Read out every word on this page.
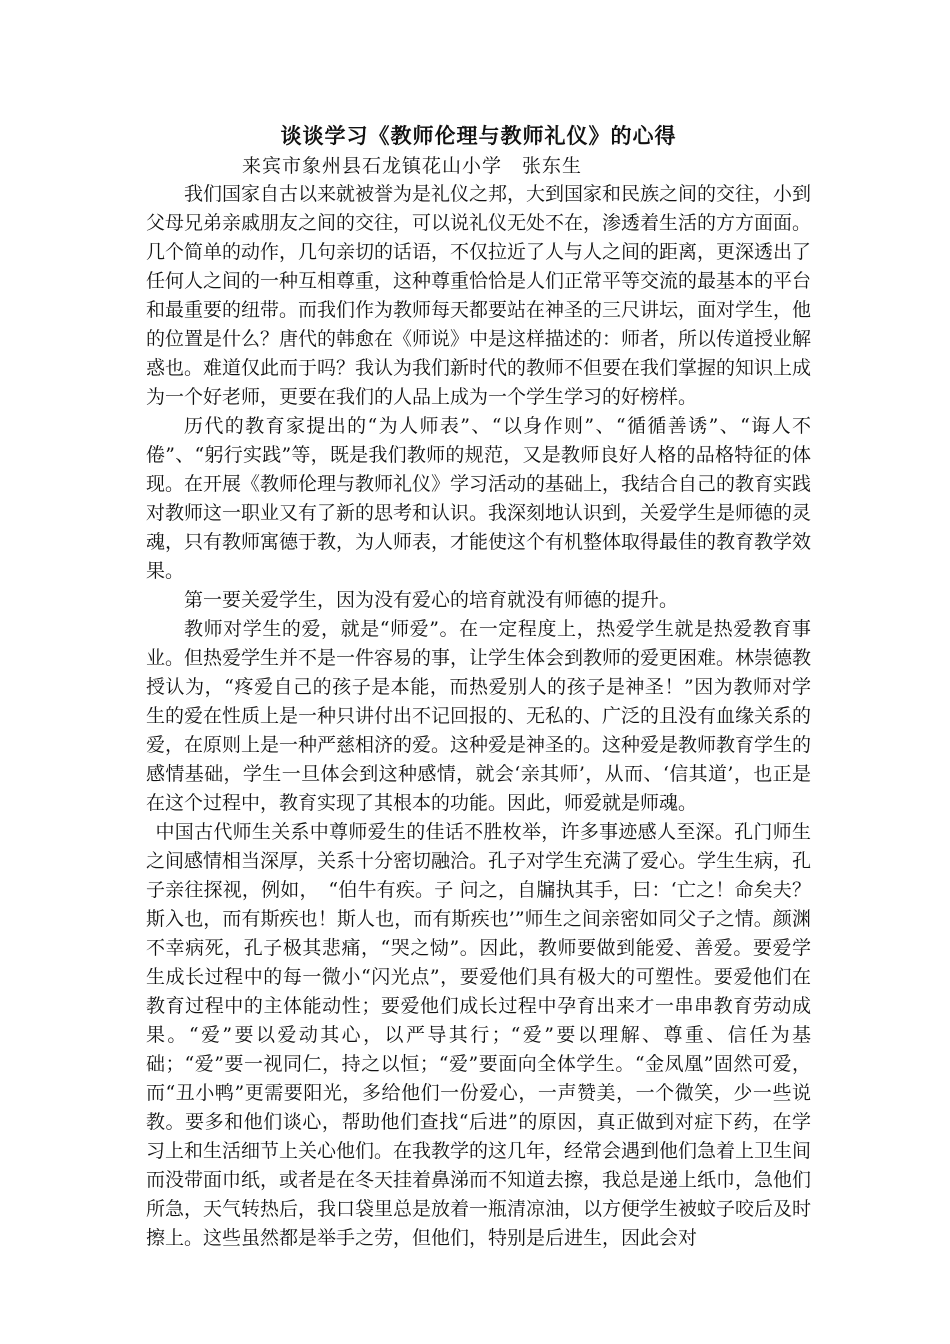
谈谈学习《教师伦理与教师礼仪》的心得

来宾市象州县石龙镇花山小学　张东生

我们国家自古以来就被誉为是礼仪之邦，大到国家和民族之间的交往，小到父母兄弟亲戚朋友之间的交往，可以说礼仪无处不在，渗透着生活的方方面面。几个简单的动作，几句亲切的话语，不仅拉近了人与人之间的距离，更深透出了任何人之间的一种互相尊重，这种尊重恰恰是人们正常平等交流的最基本的平台和最重要的纽带。而我们作为教师每天都要站在神圣的三尺讲坛，面对学生，他的位置是什么？唐代的韩愈在《师说》中是这样描述的：师者，所以传道授业解惑也。难道仅此而于吗？我认为我们新时代的教师不但要在我们掌握的知识上成为一个好老师，更要在我们的人品上成为一个学生学习的好榜样。

历代的教育家提出的“为人师表”、“以身作则”、“循循善诱”、“诲人不倦”、“躬行实践”等，既是我们教师的规范，又是教师良好人格的品格特征的体现。在开展《教师伦理与教师礼仪》学习活动的基础上，我结合自己的教育实践对教师这一职业又有了新的思考和认识。我深刻地认识到，关爱学生是师德的灵魂，只有教师寓德于教，为人师表，才能使这个有机整体取得最佳的教育教学效果。

第一要关爱学生，因为没有爱心的培育就没有师德的提升。

教师对学生的爱，就是“师爱”。在一定程度上，热爱学生就是热爱教育事业。但热爱学生并不是一件容易的事，让学生体会到教师的爱更困难。林崇德教授认为，“疼爱自己的孩子是本能，而热爱别人的孩子是神圣！”因为教师对学生的爱在性质上是一种只讲付出不记回报的、无私的、广泛的且没有血缘关系的爱，在原则上是一种严慈相济的爱。这种爱是神圣的。这种爱是教师教育学生的感情基础，学生一旦体会到这种感情，就会‘亲其师’，从而、‘信其道’，也正是在这个过程中，教育实现了其根本的功能。因此，师爱就是师魂。

中国古代师生关系中尊师爱生的佳话不胜枚举，许多事迹感人至深。孔门师生之间感情相当深厚，关系十分密切融洽。孔子对学生充满了爱心。学生生病，孔子亲往探视，例如，　“伯牛有疾。子 问之，自牖执其手，曰：‘亡之！命矣夫？斯入也，而有斯疾也！斯人也，而有斯疾也’”师生之间亲密如同父子之情。颜渊不幸病死，孔子极其悲痛，“哭之恸”。因此，教师要做到能爱、善爱。要爱学生成长过程中的每一微小“闪光点”，要爱他们具有极大的可塑性。要爱他们在教育过程中的主体能动性；要爱他们成长过程中孕育出来才一串串教育劳动成果。“爱”要以爱动其心，以严导其行；“爱”要以理解、尊重、信任为基础；“爱”要一视同仁，持之以恒；“爱”要面向全体学生。“金凤凰”固然可爱，而“丑小鸭”更需要阳光，多给他们一份爱心，一声赞美，一个微笑，少一些说教。要多和他们谈心，帮助他们查找“后进”的原因，真正做到对症下药，在学习上和生活细节上关心他们。在我教学的这几年，经常会遇到他们急着上卫生间而没带面巾纸，或者是在冬天挂着鼻涕而不知道去擦，我总是递上纸巾，急他们所急，天气转热后，我口袋里总是放着一瓶清凉油，以方便学生被蚊子咬后及时擦上。这些虽然都是举手之劳，但他们，特别是后进生，因此会对
